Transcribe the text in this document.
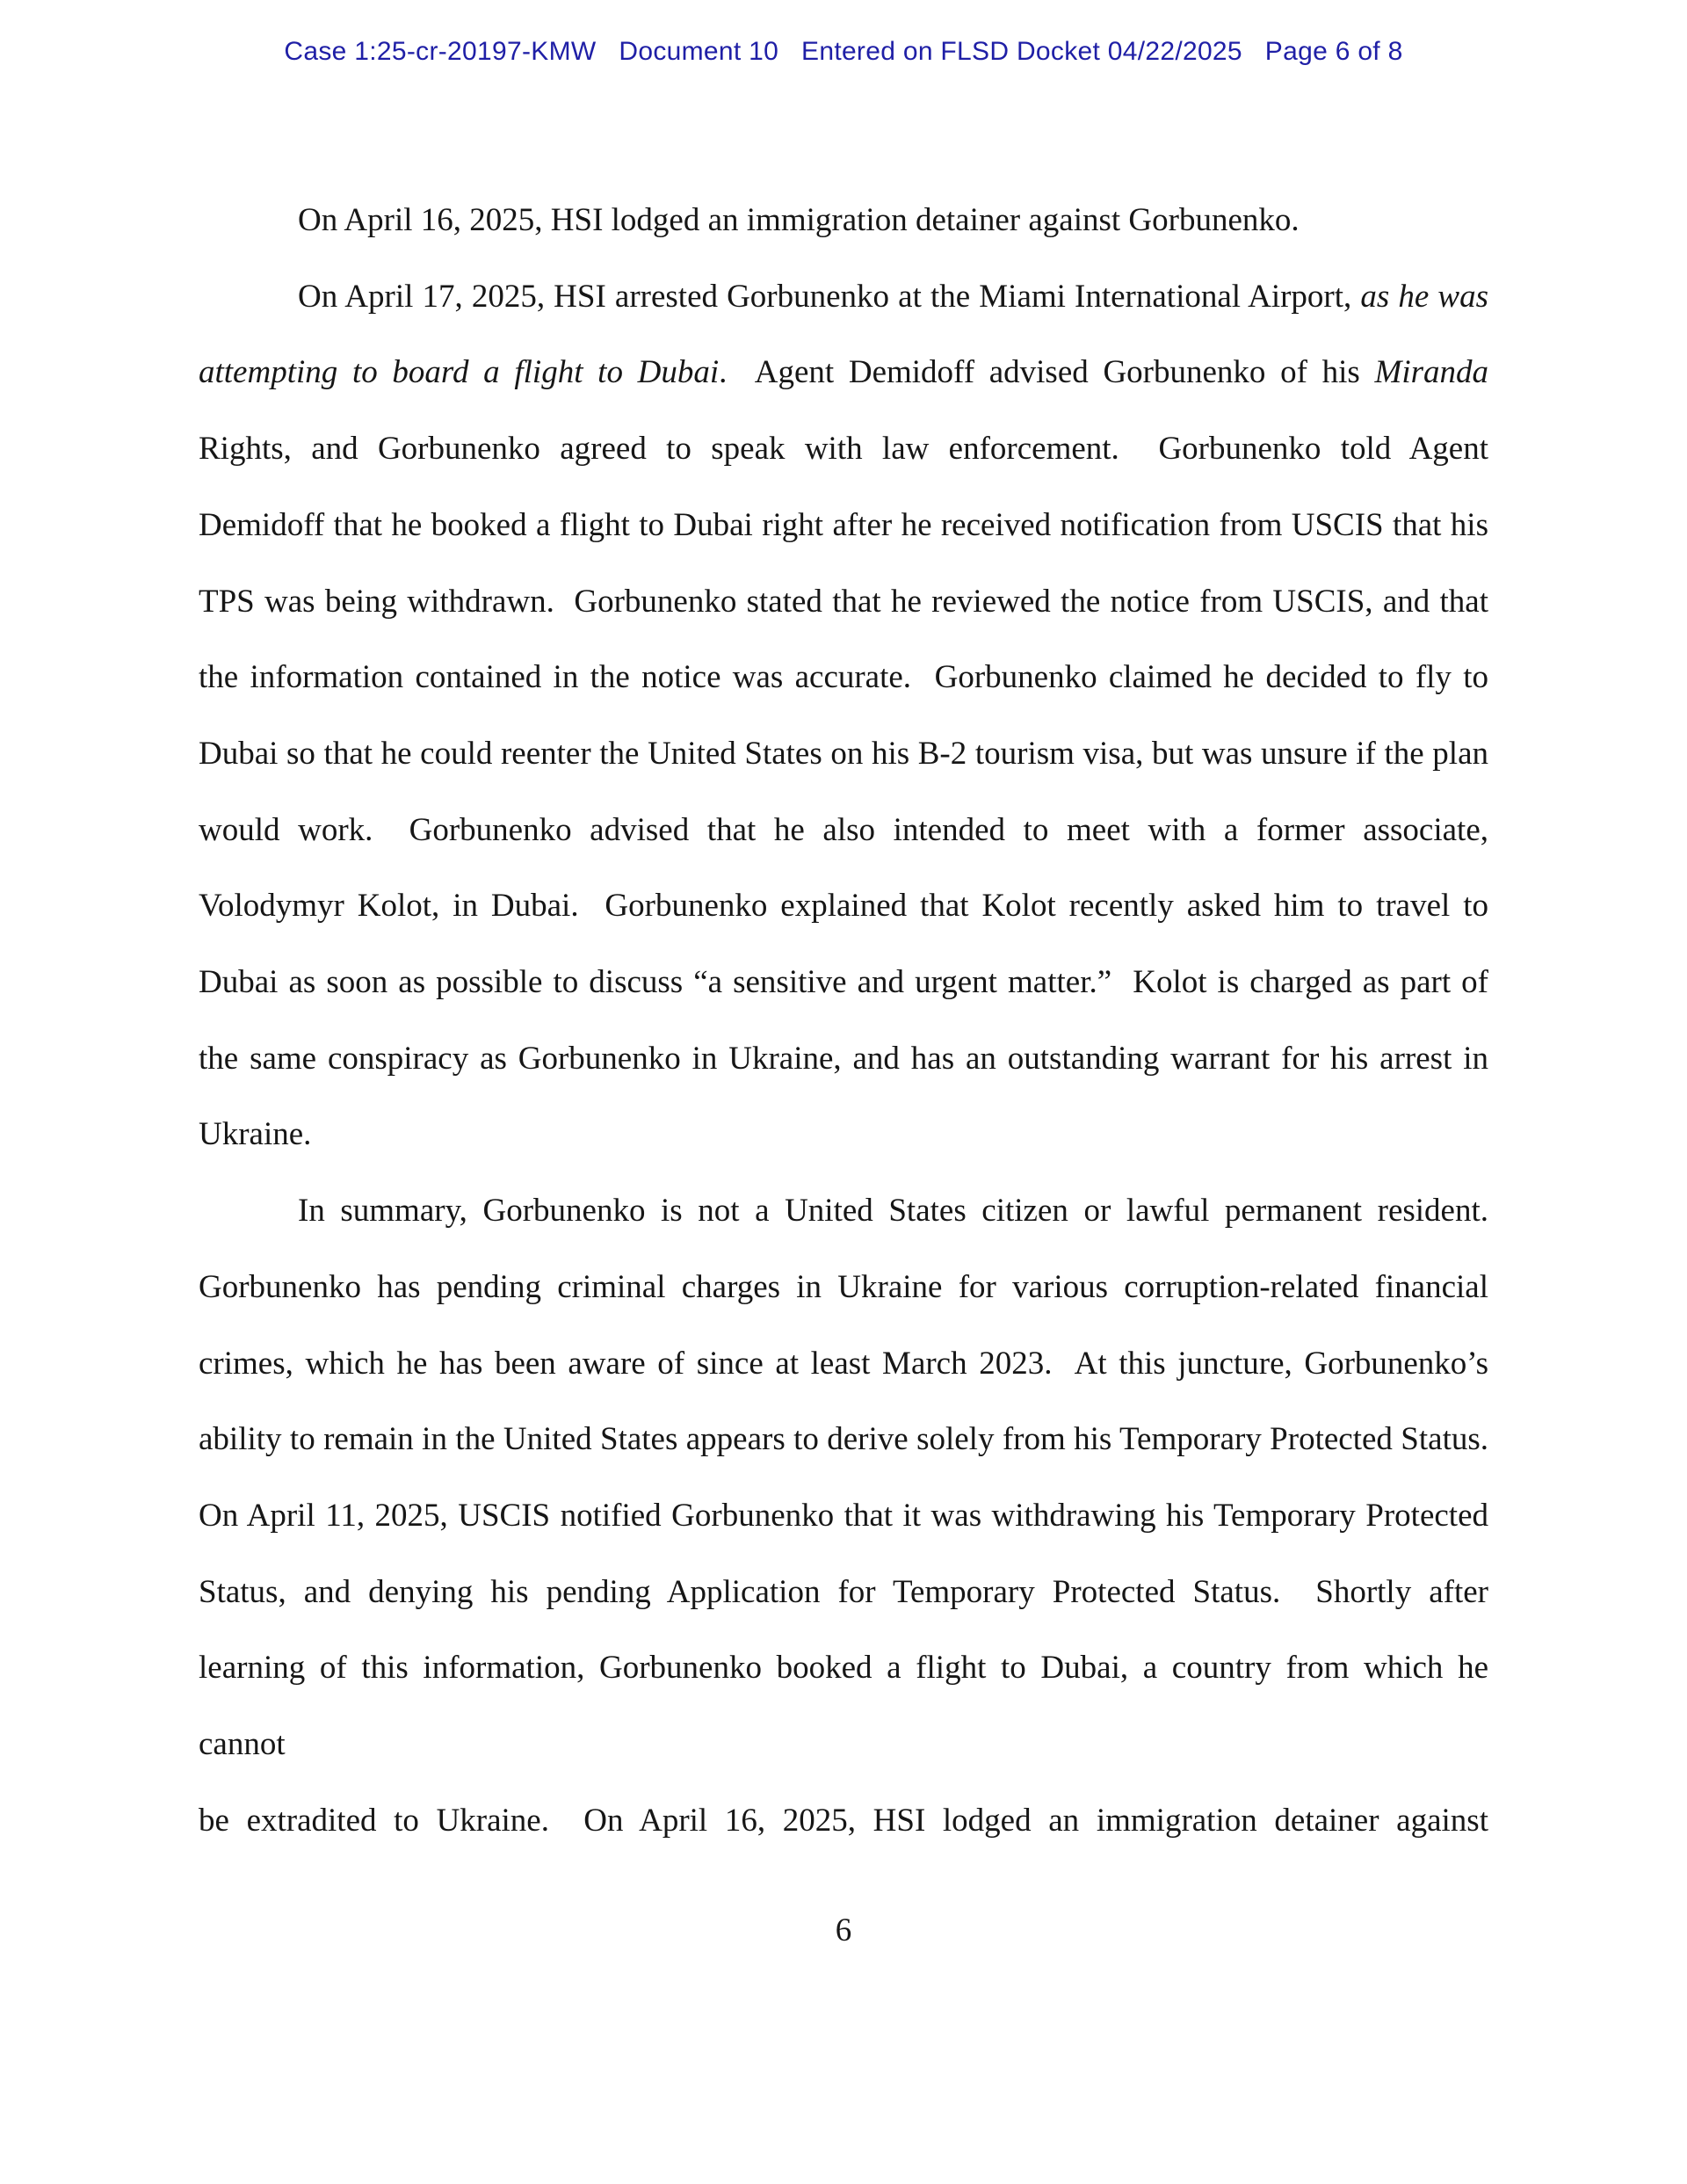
Case 1:25-cr-20197-KMW   Document 10   Entered on FLSD Docket 04/22/2025   Page 6 of 8
On April 16, 2025, HSI lodged an immigration detainer against Gorbunenko.
On April 17, 2025, HSI arrested Gorbunenko at the Miami International Airport, as he was
attempting to board a flight to Dubai.  Agent Demidoff advised Gorbunenko of his Miranda
Rights, and Gorbunenko agreed to speak with law enforcement.  Gorbunenko told Agent
Demidoff that he booked a flight to Dubai right after he received notification from USCIS that his
TPS was being withdrawn.  Gorbunenko stated that he reviewed the notice from USCIS, and that
the information contained in the notice was accurate.  Gorbunenko claimed he decided to fly to
Dubai so that he could reenter the United States on his B-2 tourism visa, but was unsure if the plan
would work.  Gorbunenko advised that he also intended to meet with a former associate,
Volodymyr Kolot, in Dubai.  Gorbunenko explained that Kolot recently asked him to travel to
Dubai as soon as possible to discuss “a sensitive and urgent matter.”  Kolot is charged as part of
the same conspiracy as Gorbunenko in Ukraine, and has an outstanding warrant for his arrest in
Ukraine.
In summary, Gorbunenko is not a United States citizen or lawful permanent resident.
Gorbunenko has pending criminal charges in Ukraine for various corruption-related financial
crimes, which he has been aware of since at least March 2023.  At this juncture, Gorbunenko’s
ability to remain in the United States appears to derive solely from his Temporary Protected Status.
On April 11, 2025, USCIS notified Gorbunenko that it was withdrawing his Temporary Protected
Status, and denying his pending Application for Temporary Protected Status.  Shortly after
learning of this information, Gorbunenko booked a flight to Dubai, a country from which he cannot
be extradited to Ukraine.  On April 16, 2025, HSI lodged an immigration detainer against
6
